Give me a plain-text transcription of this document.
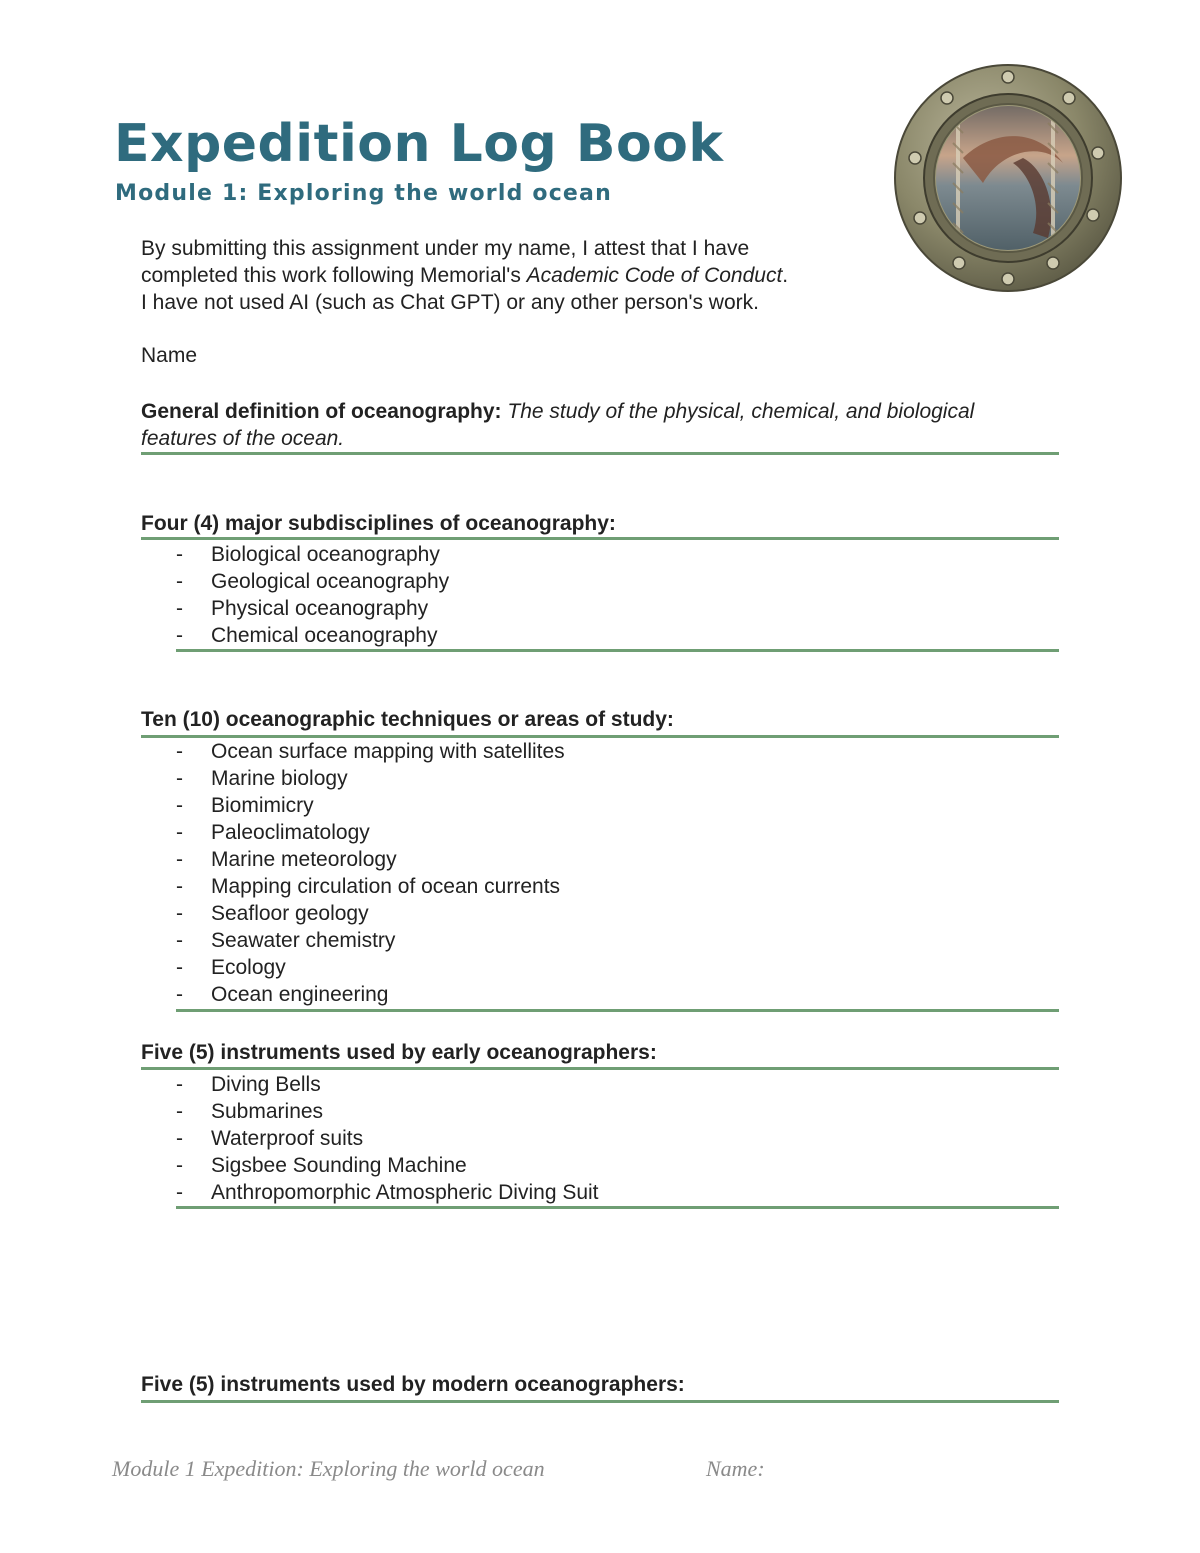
Expedition Log Book
Module 1: Exploring the world ocean

By submitting this assignment under my name, I attest that I have

completed this work following Memorial's Academic Code of Conduct.

I have not used AI (such as Chat GPT) or any other person's work.

Name
General definition of oceanography: The study of the physical, chemical, and biological features of the ocean.
Four (4) major subdisciplines of oceanography:
- Biological oceanography
- Geological oceanography
- Physical oceanography
- Chemical oceanography
Ten (10) oceanographic techniques or areas of study:
- Ocean surface mapping with satellites
- Marine biology
- Biomimicry
- Paleoclimatology
- Marine meteorology
- Mapping circulation of ocean currents
- Seafloor geology
- Seawater chemistry
- Ecology
- Ocean engineering
Five (5) instruments used by early oceanographers:
- Diving Bells
- Submarines
- Waterproof suits
- Sigsbee Sounding Machine
- Anthropomorphic Atmospheric Diving Suit
Five (5) instruments used by modern oceanographers:
Module 1 Expedition: Exploring the world ocean	Name:
